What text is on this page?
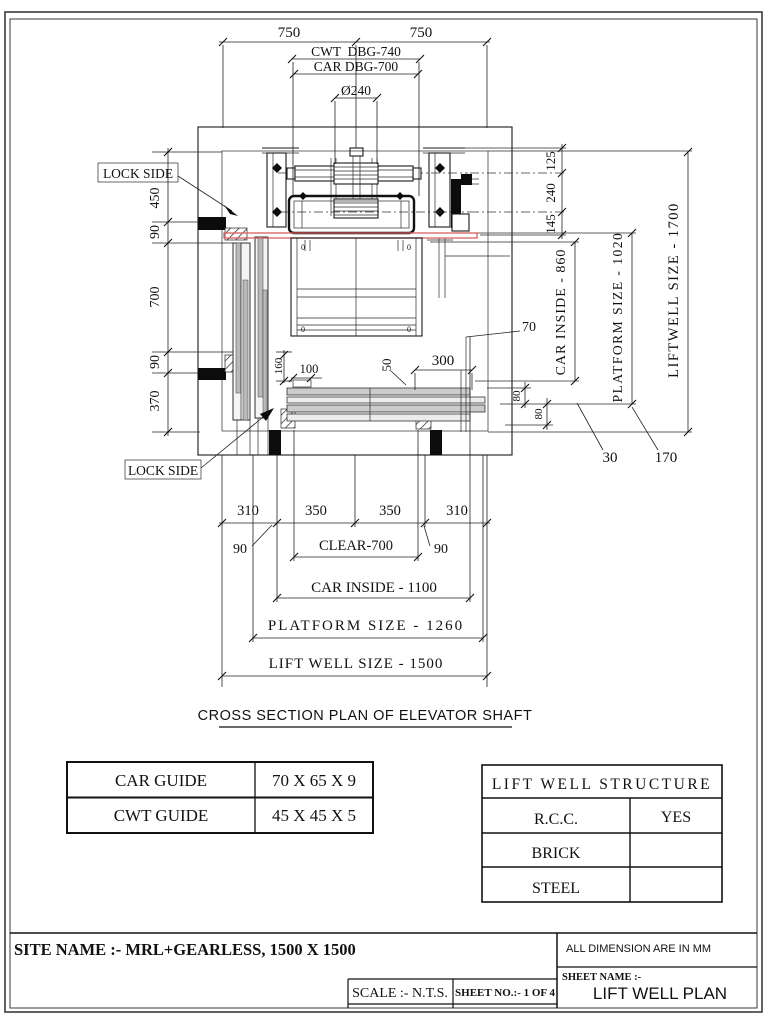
0	0
0	0
750	750
CWT  DBG-740
CAR DBG-700
Ø240
450
90
700
90
370
125
240
145
CAR INSIDE - 860	PLATFORM SIZE - 1020	LIFTWELL SIZE - 1700
70
30 170
160 100	50	300
80
80
310	350	350	310
90	90
CLEAR-700
CAR INSIDE - 1100
PLATFORM SIZE - 1260
LIFT WELL SIZE - 1500
LOCK SIDE
LOCK SIDE
CROSS SECTION PLAN OF ELEVATOR SHAFT
CAR GUIDE	70 X 65 X 9
CWT GUIDE	45 X 45 X 5
LIFT WELL STRUCTURE
R.C.C.	YES
BRICK
STEEL
SITE NAME :- MRL+GEARLESS, 1500 X 1500	ALL DIMENSION ARE IN MM
SHEET NAME :-
LIFT WELL PLAN
SCALE :- N.T.S. SHEET NO.:- 1 OF 4
